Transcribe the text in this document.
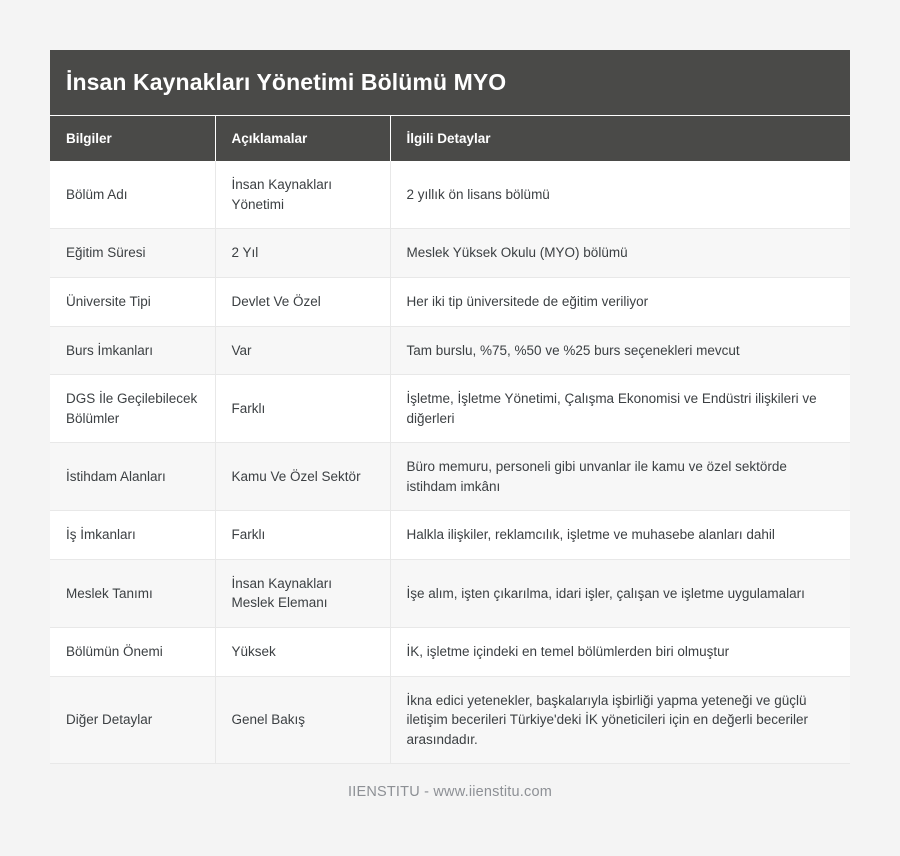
İnsan Kaynakları Yönetimi Bölümü MYO		
Bilgiler	Açıklamalar	İlgili Detaylar
Bölüm Adı	İnsan Kaynakları Yönetimi	2 yıllık ön lisans bölümü
Eğitim Süresi	2 Yıl	Meslek Yüksek Okulu (MYO) bölümü
Üniversite Tipi	Devlet Ve Özel	Her iki tip üniversitede de eğitim veriliyor
Burs İmkanları	Var	Tam burslu, %75, %50 ve %25 burs seçenekleri mevcut
DGS İle Geçilebilecek Bölümler	Farklı	İşletme, İşletme Yönetimi, Çalışma Ekonomisi ve Endüstri ilişkileri ve diğerleri
İstihdam Alanları	Kamu Ve Özel Sektör	Büro memuru, personeli gibi unvanlar ile kamu ve özel sektörde istihdam imkânı
İş İmkanları	Farklı	Halkla ilişkiler, reklamcılık, işletme ve muhasebe alanları dahil
Meslek Tanımı	İnsan Kaynakları Meslek Elemanı	İşe alım, işten çıkarılma, idari işler, çalışan ve işletme uygulamaları
Bölümün Önemi	Yüksek	İK, işletme içindeki en temel bölümlerden biri olmuştur
Diğer Detaylar	Genel Bakış	İkna edici yetenekler, başkalarıyla işbirliği yapma yeteneği ve güçlü iletişim becerileri Türkiye'deki İK yöneticileri için en değerli beceriler arasındadır.
IIENSTITU - www.iienstitu.com
